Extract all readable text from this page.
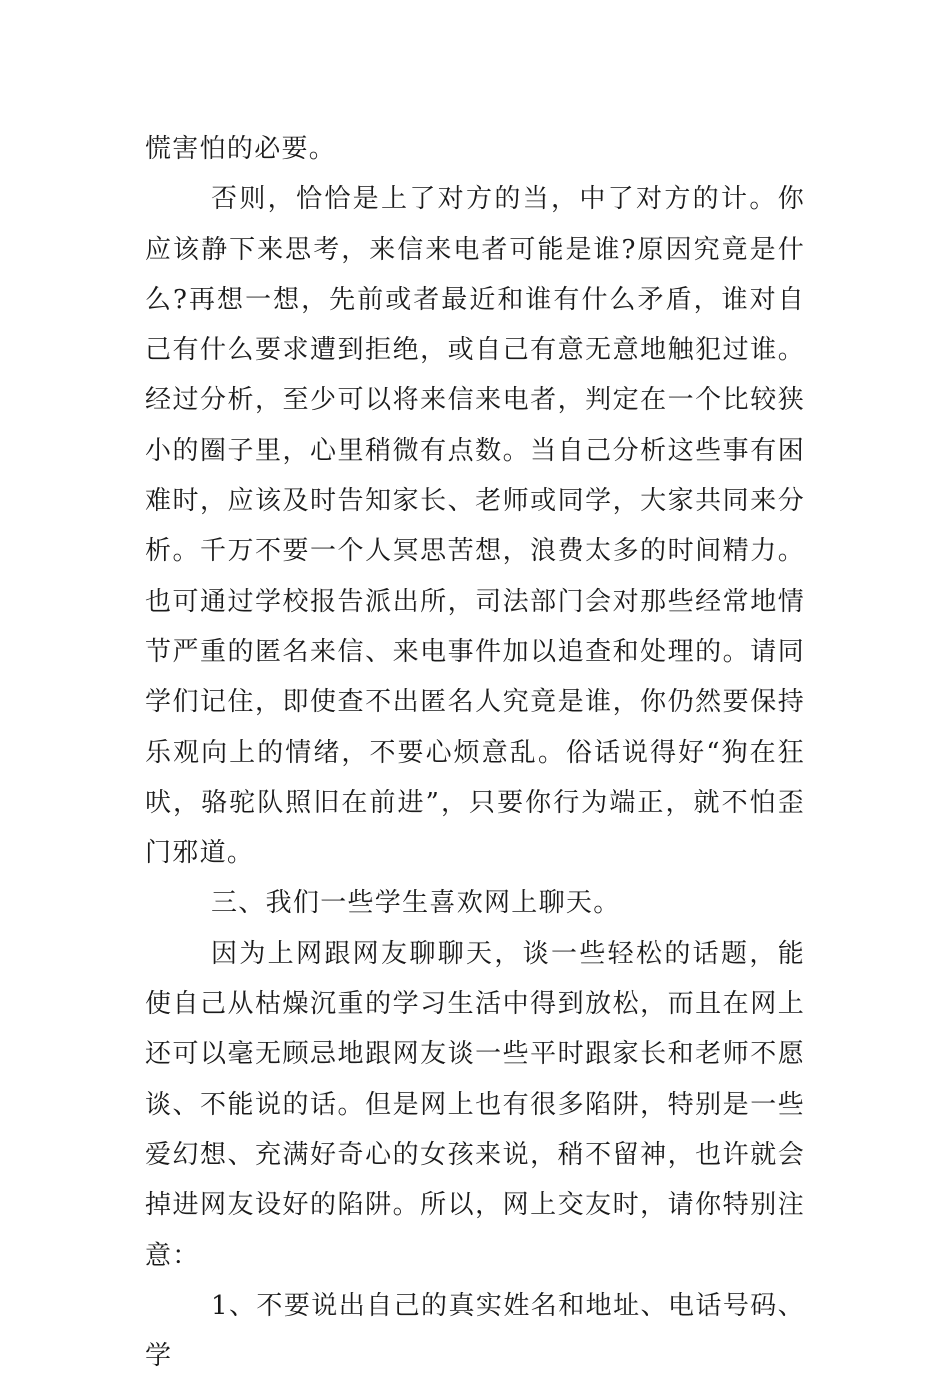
慌害怕的必要。

否则，恰恰是上了对方的当，中了对方的计。你应该静下来思考，来信来电者可能是谁?原因究竟是什么?再想一想，先前或者最近和谁有什么矛盾，谁对自己有什么要求遭到拒绝，或自己有意无意地触犯过谁。经过分析，至少可以将来信来电者，判定在一个比较狭小的圈子里，心里稍微有点数。当自己分析这些事有困难时，应该及时告知家长、老师或同学，大家共同来分析。千万不要一个人冥思苦想，浪费太多的时间精力。也可通过学校报告派出所，司法部门会对那些经常地情节严重的匿名来信、来电事件加以追查和处理的。请同学们记住，即使查不出匿名人究竟是谁，你仍然要保持乐观向上的情绪，不要心烦意乱。俗话说得好“狗在狂吠，骆驼队照旧在前进”，只要你行为端正，就不怕歪门邪道。

三、我们一些学生喜欢网上聊天。

因为上网跟网友聊聊天，谈一些轻松的话题，能使自己从枯燥沉重的学习生活中得到放松，而且在网上还可以毫无顾忌地跟网友谈一些平时跟家长和老师不愿谈、不能说的话。但是网上也有很多陷阱，特别是一些爱幻想、充满好奇心的女孩来说，稍不留神，也许就会掉进网友设好的陷阱。所以，网上交友时，请你特别注意：

1、不要说出自己的真实姓名和地址、电话号码、学
